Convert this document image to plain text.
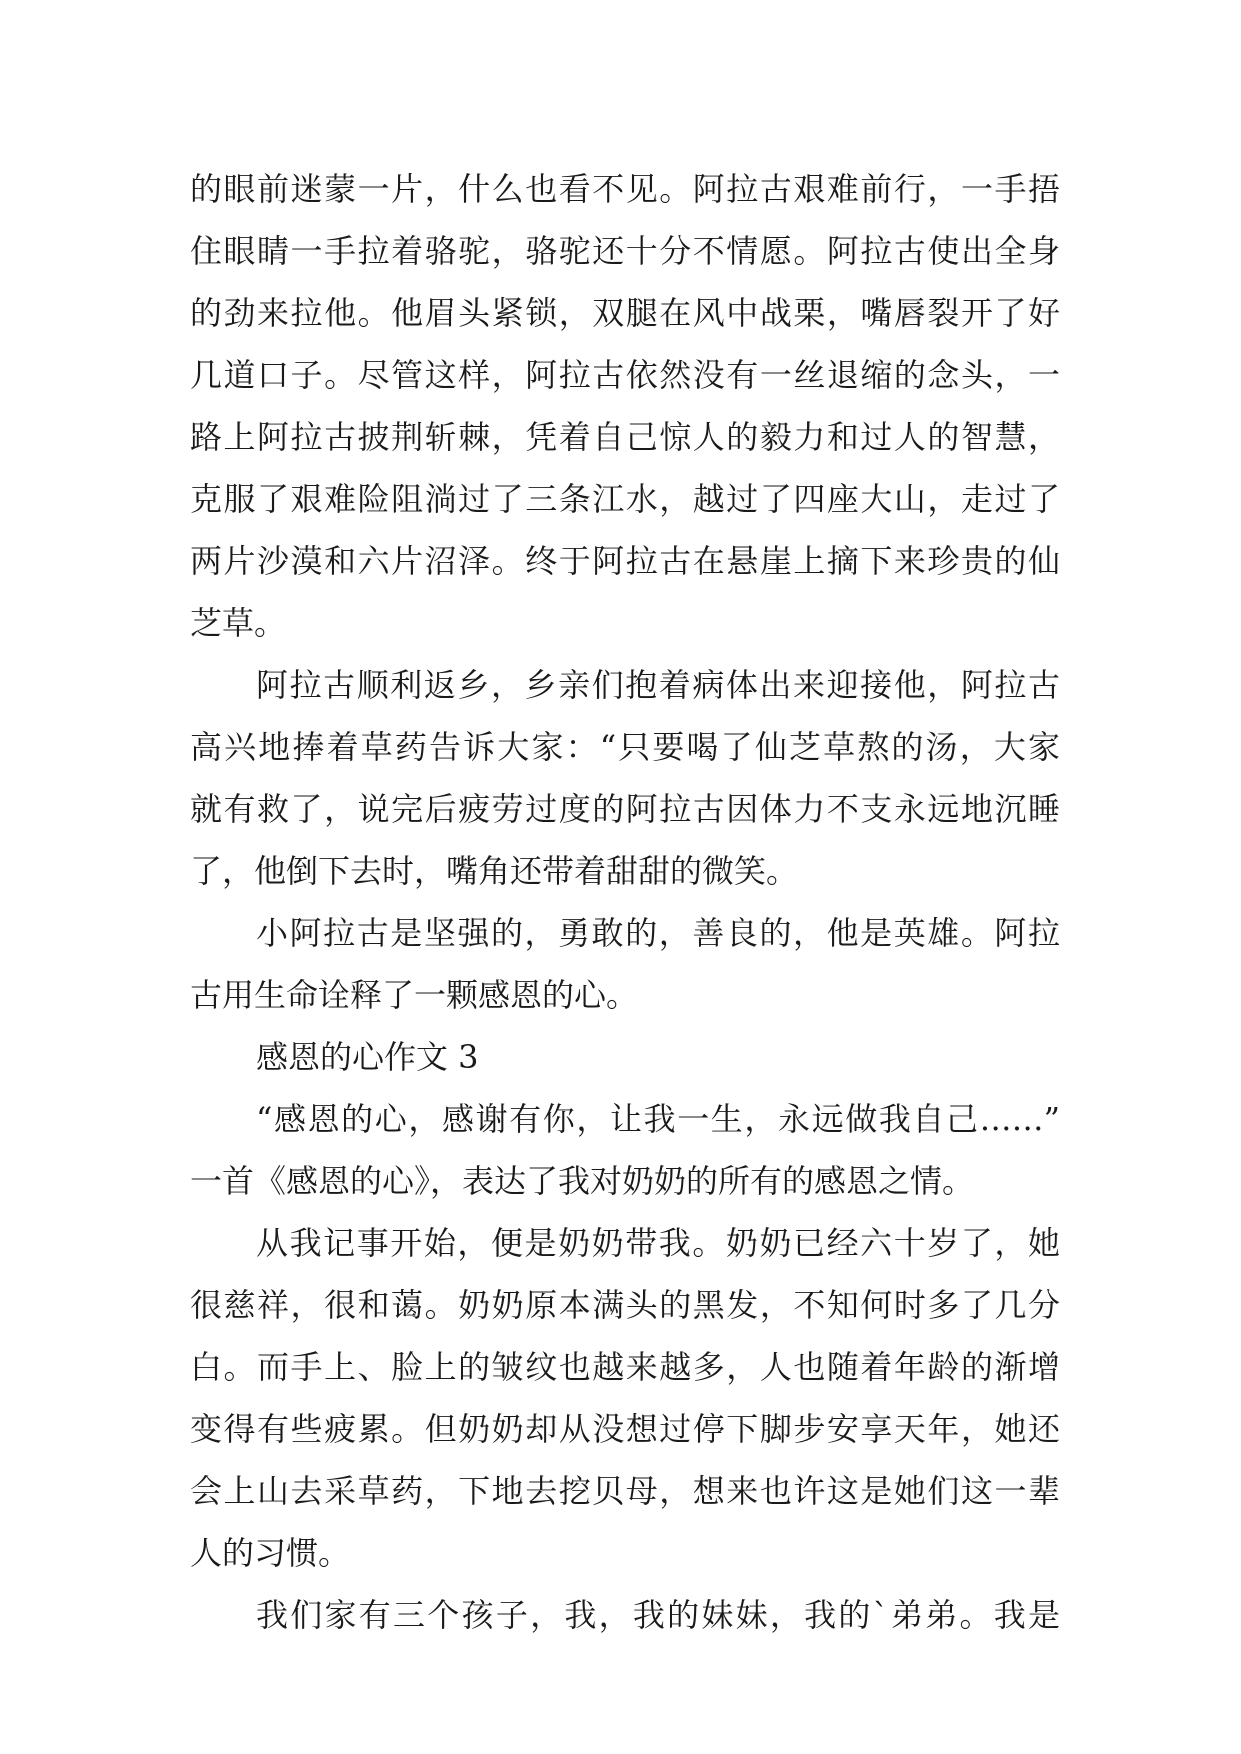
的眼前迷蒙一片，什么也看不见。阿拉古艰难前行，一手捂
住眼睛一手拉着骆驼，骆驼还十分不情愿。阿拉古使出全身
的劲来拉他。他眉头紧锁，双腿在风中战栗，嘴唇裂开了好
几道口子。尽管这样，阿拉古依然没有一丝退缩的念头，一
路上阿拉古披荆斩棘，凭着自己惊人的毅力和过人的智慧，
克服了艰难险阻淌过了三条江水，越过了四座大山，走过了
两片沙漠和六片沼泽。终于阿拉古在悬崖上摘下来珍贵的仙
芝草。
阿拉古顺利返乡，乡亲们抱着病体出来迎接他，阿拉古
高兴地捧着草药告诉大家：“只要喝了仙芝草熬的汤，大家
就有救了，说完后疲劳过度的阿拉古因体力不支永远地沉睡
了，他倒下去时，嘴角还带着甜甜的微笑。
小阿拉古是坚强的，勇敢的，善良的，他是英雄。阿拉
古用生命诠释了一颗感恩的心。
感恩的心作文 3
“感恩的心，感谢有你，让我一生，永远做我自己……”
一首《感恩的心》，表达了我对奶奶的所有的感恩之情。
从我记事开始，便是奶奶带我。奶奶已经六十岁了，她
很慈祥，很和蔼。奶奶原本满头的黑发，不知何时多了几分
白。而手上、脸上的皱纹也越来越多，人也随着年龄的渐增
变得有些疲累。但奶奶却从没想过停下脚步安享天年，她还
会上山去采草药，下地去挖贝母，想来也许这是她们这一辈
人的习惯。
我们家有三个孩子，我，我的妹妹，我的`弟弟。我是
